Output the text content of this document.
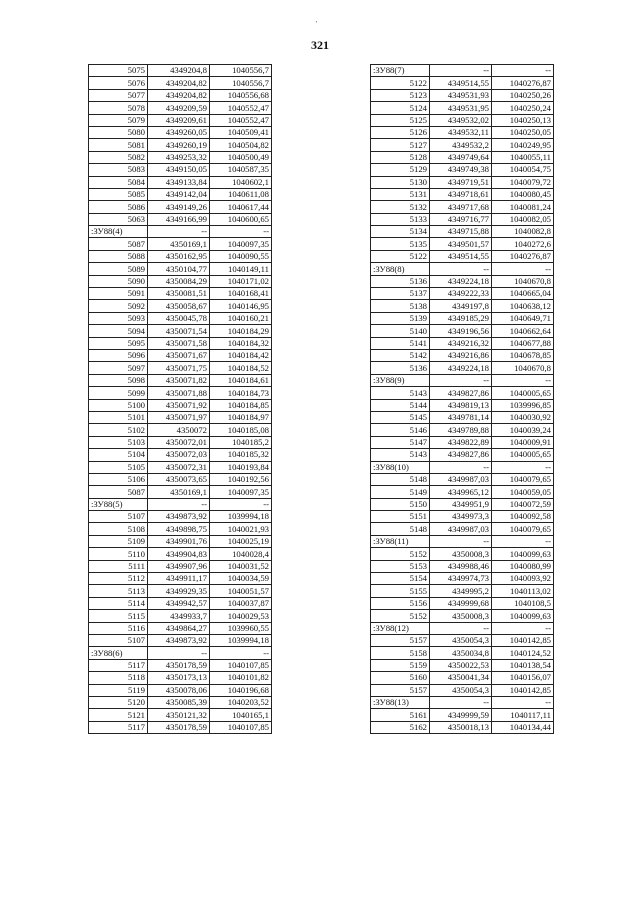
'
321
5075	4349204,8	1040556,7
5076	4349204,82	1040556,7
5077	4349204,82	1040556,68
5078	4349209,59	1040552,47
5079	4349209,61	1040552,47
5080	4349260,05	1040509,41
5081	4349260,19	1040504,82
5082	4349253,32	1040500,49
5083	4349150,05	1040587,35
5084	4349133,84	1040602,1
5085	4349142,04	1040611,08
5086	4349149,26	1040617,44
5063	4349166,99	1040600,65
:ЗУ88(4)	--	--
5087	4350169,1	1040097,35
5088	4350162,95	1040090,55
5089	4350104,77	1040149,11
5090	4350084,29	1040171,02
5091	4350081,51	1040168,41
5092	4350058,67	1040146,95
5093	4350045,78	1040160,21
5094	4350071,54	1040184,29
5095	4350071,58	1040184,32
5096	4350071,67	1040184,42
5097	4350071,75	1040184,52
5098	4350071,82	1040184,61
5099	4350071,88	1040184,73
5100	4350071,92	1040184,85
5101	4350071,97	1040184,97
5102	4350072	1040185,08
5103	4350072,01	1040185,2
5104	4350072,03	1040185,32
5105	4350072,31	1040193,84
5106	4350073,65	1040192,56
5087	4350169,1	1040097,35
:ЗУ88(5)	--	--
5107	4349873,92	1039994,18
5108	4349898,75	1040021,93
5109	4349901,76	1040025,19
5110	4349904,83	1040028,4
5111	4349907,96	1040031,52
5112	4349911,17	1040034,59
5113	4349929,35	1040051,57
5114	4349942,57	1040037,87
5115	4349933,7	1040029,53
5116	4349864,27	1039960,55
5107	4349873,92	1039994,18
:ЗУ88(6)	--	--
5117	4350178,59	1040107,85
5118	4350173,13	1040101,82
5119	4350078,06	1040196,68
5120	4350085,39	1040203,52
5121	4350121,32	1040165,1
5117	4350178,59	1040107,85
:ЗУ88(7)	--	--
5122	4349514,55	1040276,87
5123	4349531,93	1040250,26
5124	4349531,95	1040250,24
5125	4349532,02	1040250,13
5126	4349532,11	1040250,05
5127	4349532,2	1040249,95
5128	4349749,64	1040055,11
5129	4349749,38	1040054,75
5130	4349719,51	1040079,72
5131	4349718,61	1040080,45
5132	4349717,68	1040081,24
5133	4349716,77	1040082,05
5134	4349715,88	1040082,8
5135	4349501,57	1040272,6
5122	4349514,55	1040276,87
:ЗУ88(8)	--	--
5136	4349224,18	1040670,8
5137	4349222,33	1040665,04
5138	4349197,8	1040638,12
5139	4349185,29	1040649,71
5140	4349196,56	1040662,64
5141	4349216,32	1040677,88
5142	4349216,86	1040678,85
5136	4349224,18	1040670,8
:ЗУ88(9)	--	--
5143	4349827,86	1040005,65
5144	4349819,13	1039996,85
5145	4349781,14	1040030,92
5146	4349789,88	1040039,24
5147	4349822,89	1040009,91
5143	4349827,86	1040005,65
:ЗУ88(10)	--	--
5148	4349987,03	1040079,65
5149	4349965,12	1040059,05
5150	4349951,9	1040072,59
5151	4349973,3	1040092,58
5148	4349987,03	1040079,65
:ЗУ88(11)	--	--
5152	4350008,3	1040099,63
5153	4349988,46	1040080,99
5154	4349974,73	1040093,92
5155	4349995,2	1040113,02
5156	4349999,68	1040108,5
5152	4350008,3	1040099,63
:ЗУ88(12)	--	--
5157	4350054,3	1040142,85
5158	4350034,8	1040124,52
5159	4350022,53	1040138,54
5160	4350041,34	1040156,07
5157	4350054,3	1040142,85
:ЗУ88(13)	--	--
5161	4349999,59	1040117,11
5162	4350018,13	1040134,44
